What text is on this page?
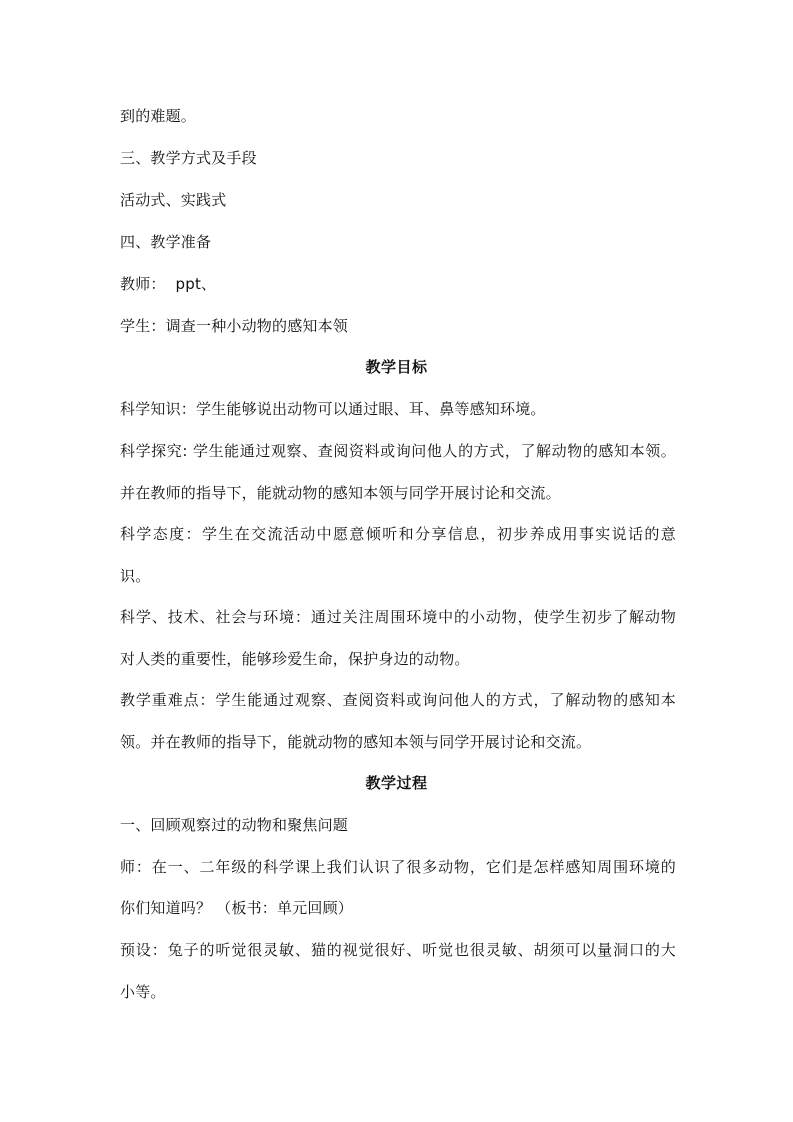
到的难题。
三、教学方式及手段
活动式、实践式
四、教学准备
教师：  ppt、
学生：调查一种小动物的感知本领
教学目标
科学知识：学生能够说出动物可以通过眼、耳、鼻等感知环境。
科学探究: 学生能通过观察、查阅资料或询问他人的方式，了解动物的感知本领。
并在教师的指导下，能就动物的感知本领与同学开展讨论和交流。
科学态度：学生在交流活动中愿意倾听和分享信息，初步养成用事实说话的意
识。
科学、技术、社会与环境：通过关注周围环境中的小动物，使学生初步了解动物
对人类的重要性，能够珍爱生命，保护身边的动物。
教学重难点：学生能通过观察、查阅资料或询问他人的方式，了解动物的感知本
领。并在教师的指导下，能就动物的感知本领与同学开展讨论和交流。
教学过程
一、回顾观察过的动物和聚焦问题
师：在一、二年级的科学课上我们认识了很多动物，它们是怎样感知周围环境的
你们知道吗？ （板书：单元回顾）
预设：兔子的听觉很灵敏、猫的视觉很好、听觉也很灵敏、胡须可以量洞口的大
小等。
